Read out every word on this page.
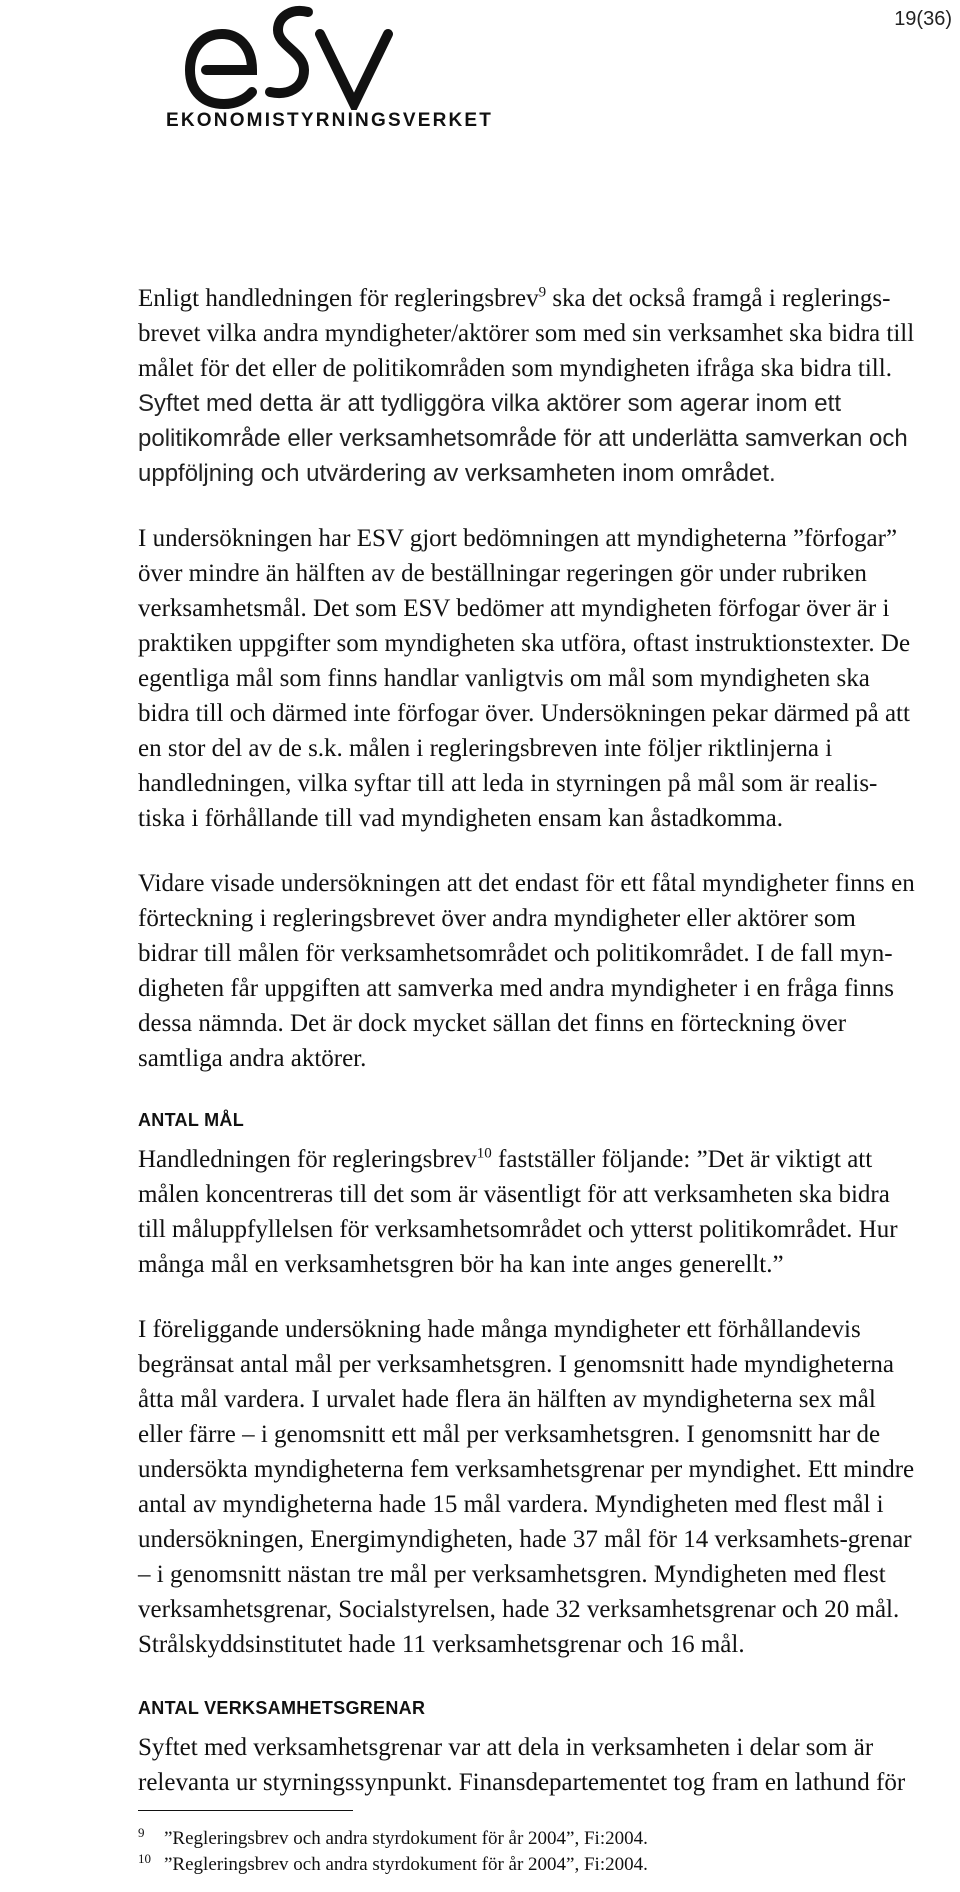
19(36)
EKONOMISTYRNINGSVERKET

Enligt handledningen för regleringsbrev$^9$ ska det också framgå i reglerings-brevet vilka andra myndigheter/aktörer som med sin verksamhet ska bidra till målet för det eller de politikområden som myndigheten ifråga ska bidra till. Syftet med detta är att tydliggöra vilka aktörer som agerar inom ett politikområde eller verksamhetsområde för att underlätta samverkan och uppföljning och utvärdering av verksamheten inom området.

I undersökningen har ESV gjort bedömningen att myndigheterna ”förfogar” över mindre än hälften av de beställningar regeringen gör under rubriken verksamhetsmål. Det som ESV bedömer att myndigheten förfogar över är i praktiken uppgifter som myndigheten ska utföra, oftast instruktionstexter. De egentliga mål som finns handlar vanligtvis om mål som myndigheten ska bidra till och därmed inte förfogar över. Undersökningen pekar därmed på att en stor del av de s.k. målen i regleringsbreven inte följer riktlinjerna i handledningen, vilka syftar till att leda in styrningen på mål som är realis-tiska i förhållande till vad myndigheten ensam kan åstadkomma.

Vidare visade undersökningen att det endast för ett fåtal myndigheter finns en förteckning i regleringsbrevet över andra myndigheter eller aktörer som bidrar till målen för verksamhetsområdet och politikområdet. I de fall myn-digheten får uppgiften att samverka med andra myndigheter i en fråga finns dessa nämnda. Det är dock mycket sällan det finns en förteckning över samtliga andra aktörer.

ANTAL MÅL

Handledningen för regleringsbrev$^{10}$ fastställer följande: ”Det är viktigt att målen koncentreras till det som är väsentligt för att verksamheten ska bidra till måluppfyllelsen för verksamhetsområdet och ytterst politikområdet. Hur många mål en verksamhetsgren bör ha kan inte anges generellt.”

I föreliggande undersökning hade många myndigheter ett förhållandevis begränsat antal mål per verksamhetsgren. I genomsnitt hade myndigheterna åtta mål vardera. I urvalet hade flera än hälften av myndigheterna sex mål eller färre – i genomsnitt ett mål per verksamhetsgren. I genomsnitt har de undersökta myndigheterna fem verksamhetsgrenar per myndighet. Ett mindre antal av myndigheterna hade 15 mål vardera. Myndigheten med flest mål i undersökningen, Energimyndigheten, hade 37 mål för 14 verksamhets-grenar – i genomsnitt nästan tre mål per verksamhetsgren. Myndigheten med flest verksamhetsgrenar, Socialstyrelsen, hade 32 verksamhetsgrenar och 20 mål. Strålskyddsinstitutet hade 11 verksamhetsgrenar och 16 mål.

ANTAL VERKSAMHETSGRENAR

Syftet med verksamhetsgrenar var att dela in verksamheten i delar som är relevanta ur styrningssynpunkt. Finansdepartementet tog fram en lathund för

9 ”Regleringsbrev och andra styrdokument för år 2004”, Fi:2004.
10 ”Regleringsbrev och andra styrdokument för år 2004”, Fi:2004.
